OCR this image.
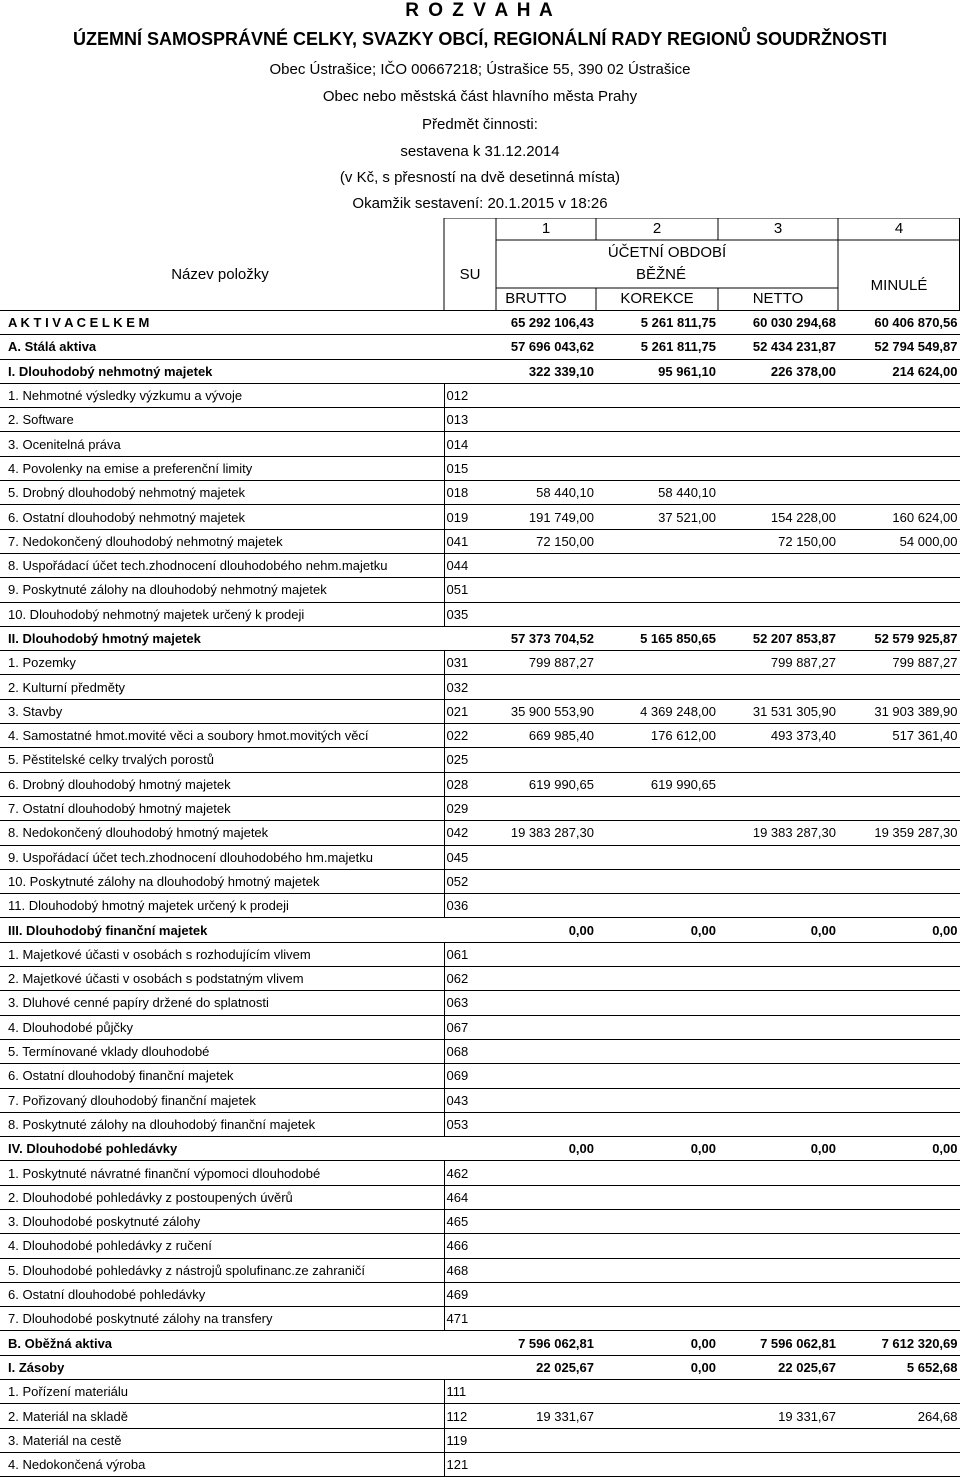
R O Z V A H A
ÚZEMNÍ SAMOSPRÁVNÉ CELKY, SVAZKY OBCÍ, REGIONÁLNÍ RADY REGIONŮ SOUDRŽNOSTI
Obec Ústrašice; IČO 00667218; Ústrašice 55, 390 02 Ústrašice
Obec nebo městská část hlavního města Prahy
Předmět činnosti:
sestavena k 31.12.2014
(v Kč, s přesností na dvě desetinná místa)
Okamžik sestavení: 20.1.2015 v 18:26
Název položky	SU
1	2	3	4
ÚČETNÍ OBDOBÍ
BĚŽNÉ
MINULÉ
BRUTTO	KOREKCE	NETTO
A K T I V A C E L K E M		65 292 106,43	5 261 811,75	60 030 294,68	60 406 870,56
A. Stálá aktiva		57 696 043,62	5 261 811,75	52 434 231,87	52 794 549,87
I. Dlouhodobý nehmotný majetek		322 339,10	95 961,10	226 378,00	214 624,00
1. Nehmotné výsledky výzkumu a vývoje	012				
2. Software	013				
3. Ocenitelná práva	014				
4. Povolenky na emise a preferenční limity	015				
5. Drobný dlouhodobý nehmotný majetek	018	58 440,10	58 440,10		
6. Ostatní dlouhodobý nehmotný majetek	019	191 749,00	37 521,00	154 228,00	160 624,00
7. Nedokončený dlouhodobý nehmotný majetek	041	72 150,00		72 150,00	54 000,00
8. Uspořádací účet tech.zhodnocení dlouhodobého nehm.majetku	044				
9. Poskytnuté zálohy na dlouhodobý nehmotný majetek	051				
10. Dlouhodobý nehmotný majetek určený k prodeji	035				
II. Dlouhodobý hmotný majetek		57 373 704,52	5 165 850,65	52 207 853,87	52 579 925,87
1. Pozemky	031	799 887,27		799 887,27	799 887,27
2. Kulturní předměty	032				
3. Stavby	021	35 900 553,90	4 369 248,00	31 531 305,90	31 903 389,90
4. Samostatné hmot.movité věci a soubory hmot.movitých věcí	022	669 985,40	176 612,00	493 373,40	517 361,40
5. Pěstitelské celky trvalých porostů	025				
6. Drobný dlouhodobý hmotný majetek	028	619 990,65	619 990,65		
7. Ostatní dlouhodobý hmotný majetek	029				
8. Nedokončený dlouhodobý hmotný majetek	042	19 383 287,30		19 383 287,30	19 359 287,30
9. Uspořádací účet tech.zhodnocení dlouhodobého hm.majetku	045				
10. Poskytnuté zálohy na dlouhodobý hmotný majetek	052				
11. Dlouhodobý hmotný majetek určený k prodeji	036				
III. Dlouhodobý finanční majetek		0,00	0,00	0,00	0,00
1. Majetkové účasti v osobách s rozhodujícím vlivem	061				
2. Majetkové účasti v osobách s podstatným vlivem	062				
3. Dluhové cenné papíry držené do splatnosti	063				
4. Dlouhodobé půjčky	067				
5. Termínované vklady dlouhodobé	068				
6. Ostatní dlouhodobý finanční majetek	069				
7. Pořizovaný dlouhodobý finanční majetek	043				
8. Poskytnuté zálohy na dlouhodobý finanční majetek	053				
IV. Dlouhodobé pohledávky		0,00	0,00	0,00	0,00
1. Poskytnuté návratné finanční výpomoci dlouhodobé	462				
2. Dlouhodobé pohledávky z postoupených úvěrů	464				
3. Dlouhodobé poskytnuté zálohy	465				
4. Dlouhodobé pohledávky z ručení	466				
5. Dlouhodobé pohledávky z nástrojů spolufinanc.ze zahraničí	468				
6. Ostatní dlouhodobé pohledávky	469				
7. Dlouhodobé poskytnuté zálohy na transfery	471				
B. Oběžná aktiva		7 596 062,81	0,00	7 596 062,81	7 612 320,69
I. Zásoby		22 025,67	0,00	22 025,67	5 652,68
1. Pořízení materiálu	111				
2. Materiál na skladě	112	19 331,67		19 331,67	264,68
3. Materiál na cestě	119				
4. Nedokončená výroba	121				
